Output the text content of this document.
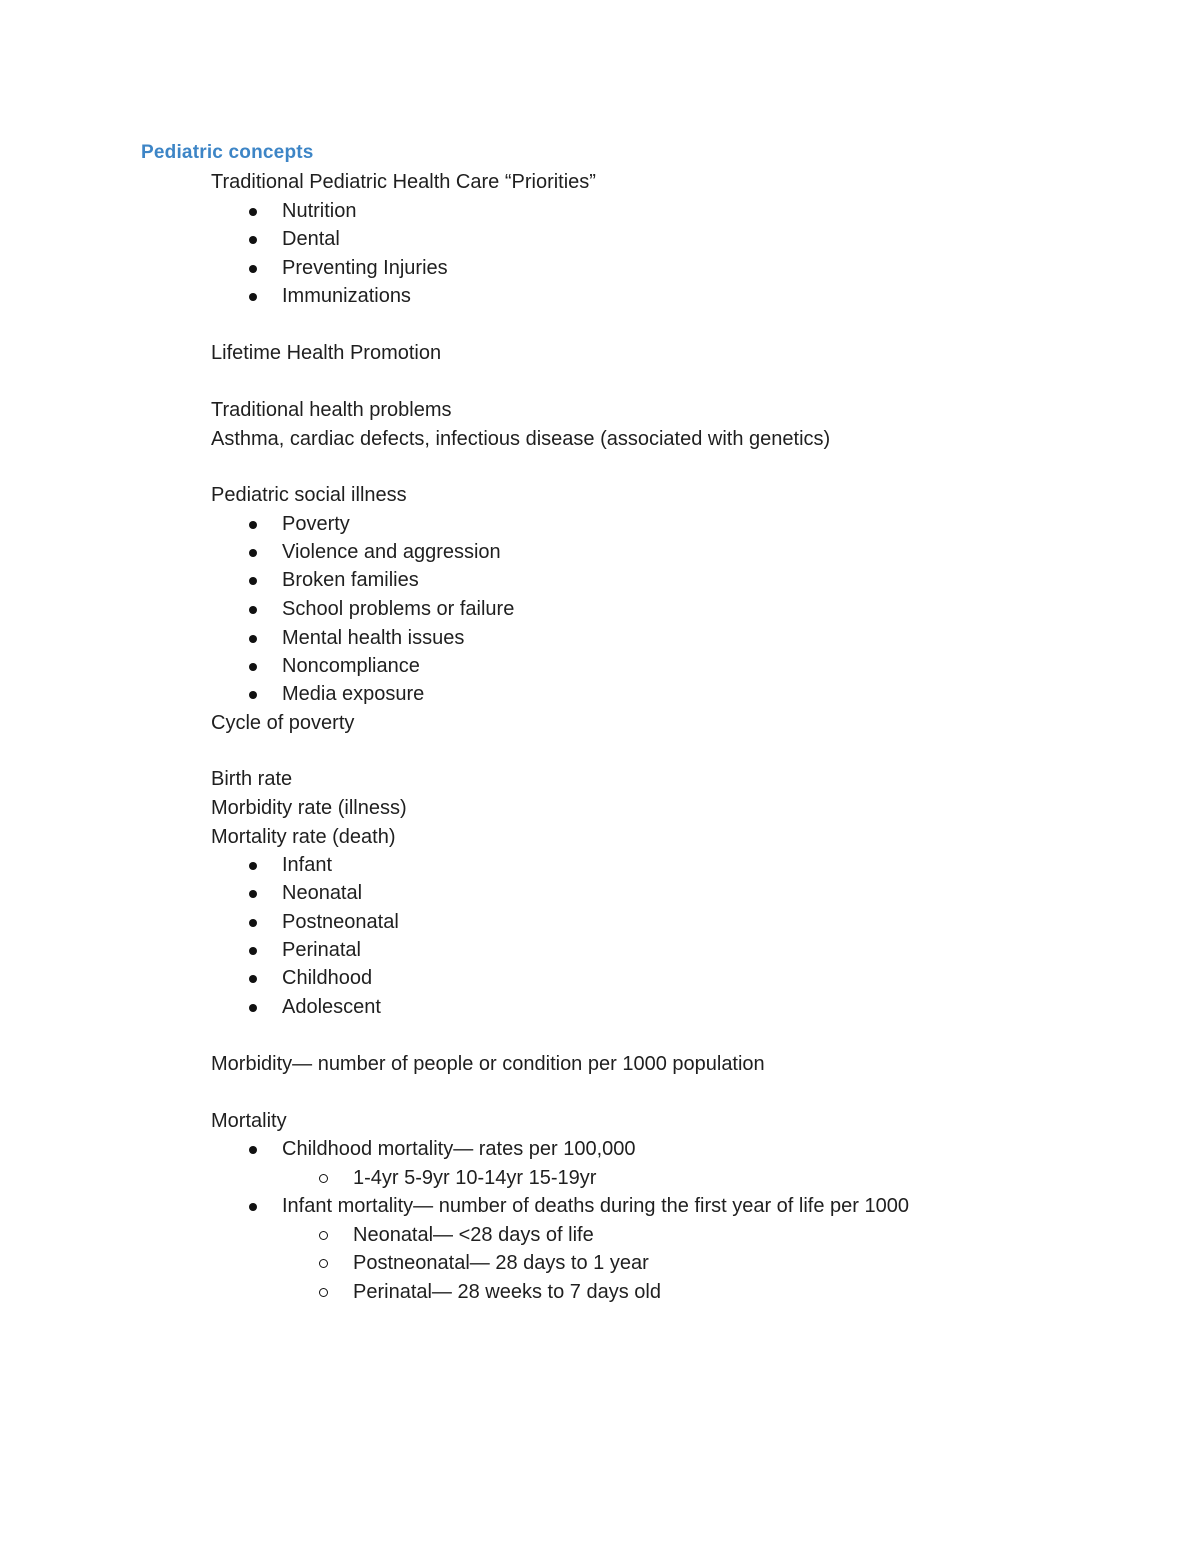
Pediatric concepts
Traditional Pediatric Health Care “Priorities”
Nutrition
Dental
Preventing Injuries
Immunizations
Lifetime Health Promotion
Traditional health problems
Asthma, cardiac defects, infectious disease (associated with genetics)
Pediatric social illness
Poverty
Violence and aggression
Broken families
School problems or failure
Mental health issues
Noncompliance
Media exposure
Cycle of poverty
Birth rate
Morbidity rate (illness)
Mortality rate (death)
Infant
Neonatal
Postneonatal
Perinatal
Childhood
Adolescent
Morbidity— number of people or condition per 1000 population
Mortality
Childhood mortality— rates per 100,000
1-4yr 5-9yr 10-14yr 15-19yr
Infant mortality— number of deaths during the first year of life per 1000
Neonatal— <28 days of life
Postneonatal— 28 days to 1 year
Perinatal— 28 weeks to 7 days old
